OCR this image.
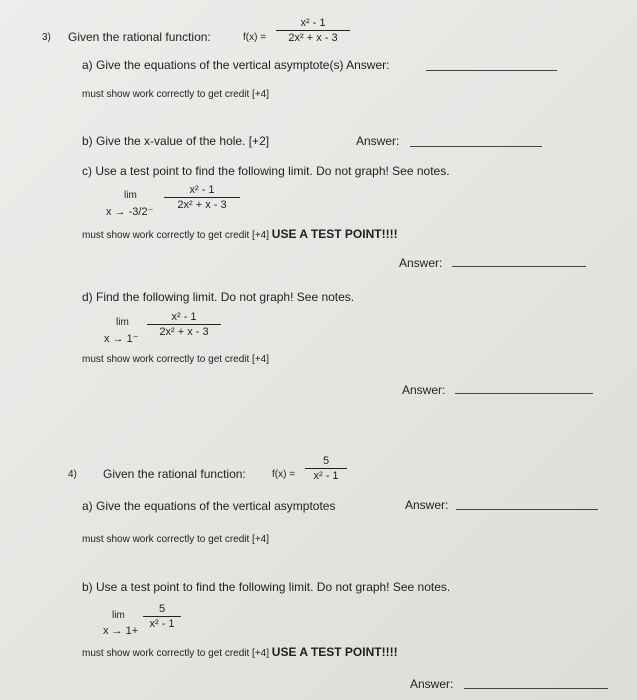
3) Given the rational function:	$f(x) = \frac{\text{x² - 1}}{\text{2x² + x - 3}}$
a) Give the equations of the vertical asymptote(s) Answer:
must show work correctly to get credit [+4]
b) Give the x-value of the hole. [+2]	Answer:
c) Use a test point to find the following limit. Do not graph! See notes.
lim
x → -3/2⁻
$\frac{\text{x² - 1}}{\text{2x² + x - 3}}$
must show work correctly to get credit [+4] USE A TEST POINT!!!!
Answer:
d) Find the following limit. Do not graph! See notes.
lim
x → 1⁻
$\frac{\text{x² - 1}}{\text{2x² + x - 3}}$
must show work correctly to get credit [+4]
Answer:
4) Given the rational function:	$f(x) = \frac{5}{\text{x² - 1}}$
a) Give the equations of the vertical asymptotes	Answer:
must show work correctly to get credit [+4]
b) Use a test point to find the following limit. Do not graph! See notes.
lim
x → 1+
$\frac{5}{\text{x² - 1}}$
must show work correctly to get credit [+4] USE A TEST POINT!!!!
Answer:
